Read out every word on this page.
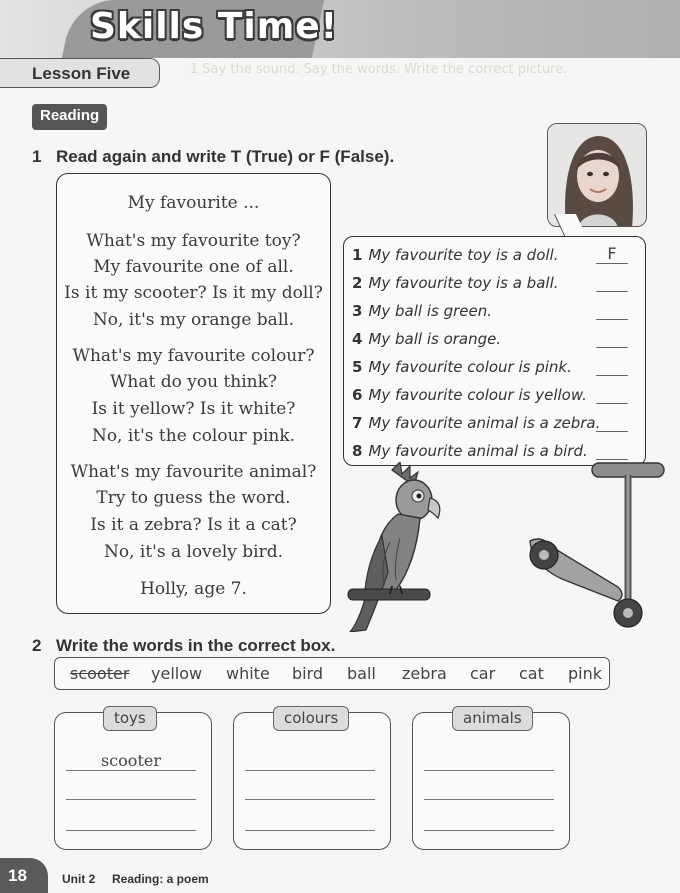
1 Say the sound. Say the words. Write the correct picture.
Skills Time!
Lesson Five
Reading
1 Read again and write T (True) or F (False).
My favourite ...
What's my favourite toy?
My favourite one of all.
Is it my scooter? Is it my doll?
No, it's my orange ball.
What's my favourite colour?
What do you think?
Is it yellow? Is it white?
No, it's the colour pink.
What's my favourite animal?
Try to guess the word.
Is it a zebra? Is it a cat?
No, it's a lovely bird.
Holly, age 7.
1 My favourite toy is a doll.
2 My favourite toy is a ball.
3 My ball is green.
4 My ball is orange.
5 My favourite colour is pink.
6 My favourite colour is yellow.
7 My favourite animal is a zebra.
8 My favourite animal is a bird.
F
2 Write the words in the correct box.
scooter yellow white bird ball zebra car cat pink
toys
scooter
colours	animals
18	Unit 2 Reading: a poem
